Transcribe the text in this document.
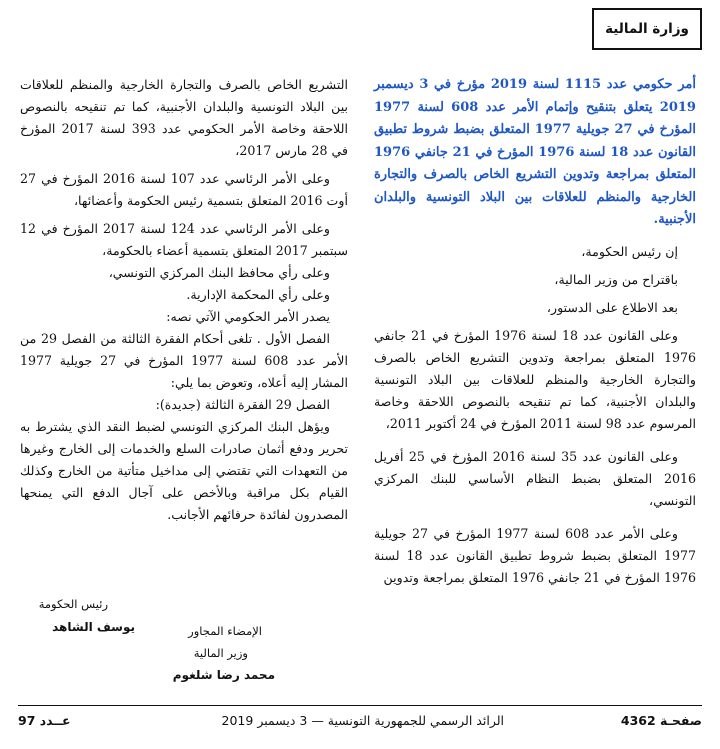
وزارة المالية

أمر حكومي عدد 1115 لسنة 2019 مؤرخ في 3 ديسمبر 2019 يتعلق بتنقيح وإتمام الأمر عدد 608 لسنة 1977 المؤرخ في 27 جويلية 1977 المتعلق بضبط شروط تطبيق القانون عدد 18 لسنة 1976 المؤرخ في 21 جانفي 1976 المتعلق بمراجعة وتدوين التشريع الخاص بالصرف والتجارة الخارجية والمنظم للعلاقات بين البلاد التونسية والبلدان الأجنبية.

إن رئيس الحكومة،

باقتراح من وزير المالية،

بعد الاطلاع على الدستور،

وعلى القانون عدد 18 لسنة 1976 المؤرخ في 21 جانفي 1976 المتعلق بمراجعة وتدوين التشريع الخاص بالصرف والتجارة الخارجية والمنظم للعلاقات بين البلاد التونسية والبلدان الأجنبية، كما تم تنقيحه بالنصوص اللاحقة وخاصة المرسوم عدد 98 لسنة 2011 المؤرخ في 24 أكتوبر 2011،

وعلى القانون عدد 35 لسنة 2016 المؤرخ في 25 أفريل 2016 المتعلق بضبط النظام الأساسي للبنك المركزي التونسي،

وعلى الأمر عدد 608 لسنة 1977 المؤرخ في 27 جويلية 1977 المتعلق بضبط شروط تطبيق القانون عدد 18 لسنة 1976 المؤرخ في 21 جانفي 1976 المتعلق بمراجعة وتدوين

التشريع الخاص بالصرف والتجارة الخارجية والمنظم للعلاقات بين البلاد التونسية والبلدان الأجنبية، كما تم تنقيحه بالنصوص اللاحقة وخاصة الأمر الحكومي عدد 393 لسنة 2017 المؤرخ في 28 مارس 2017،

وعلى الأمر الرئاسي عدد 107 لسنة 2016 المؤرخ في 27 أوت 2016 المتعلق بتسمية رئيس الحكومة وأعضائها،

وعلى الأمر الرئاسي عدد 124 لسنة 2017 المؤرخ في 12 سبتمبر 2017 المتعلق بتسمية أعضاء بالحكومة،

وعلى رأي محافظ البنك المركزي التونسي،

وعلى رأي المحكمة الإدارية.

يصدر الأمر الحكومي الآتي نصه:

الفصل الأول . تلغى أحكام الفقرة الثالثة من الفصل 29 من الأمر عدد 608 لسنة 1977 المؤرخ في 27 جويلية 1977 المشار إليه أعلاه، وتعوض بما يلي:

الفصل 29 الفقرة الثالثة (جديدة):

ويؤهل البنك المركزي التونسي لضبط النقد الذي يشترط به تحرير ودفع أثمان صادرات السلع والخدمات إلى الخارج وغيرها من التعهدات التي تقتضي إلى مداخيل متأتية من الخارج وكذلك القيام بكل مراقبة وبالأخص على آجال الدفع التي يمنحها المصدرون لفائدة حرفائهم الأجانب.

رئيس الحكومة
يوسف الشاهد	الإمضاء المجاور
وزير المالية
محمد رضا شلغوم
صفحـة 4362
الرائد الرسمي للجمهورية التونسية — 3 ديسمبر 2019
عــدد 97
